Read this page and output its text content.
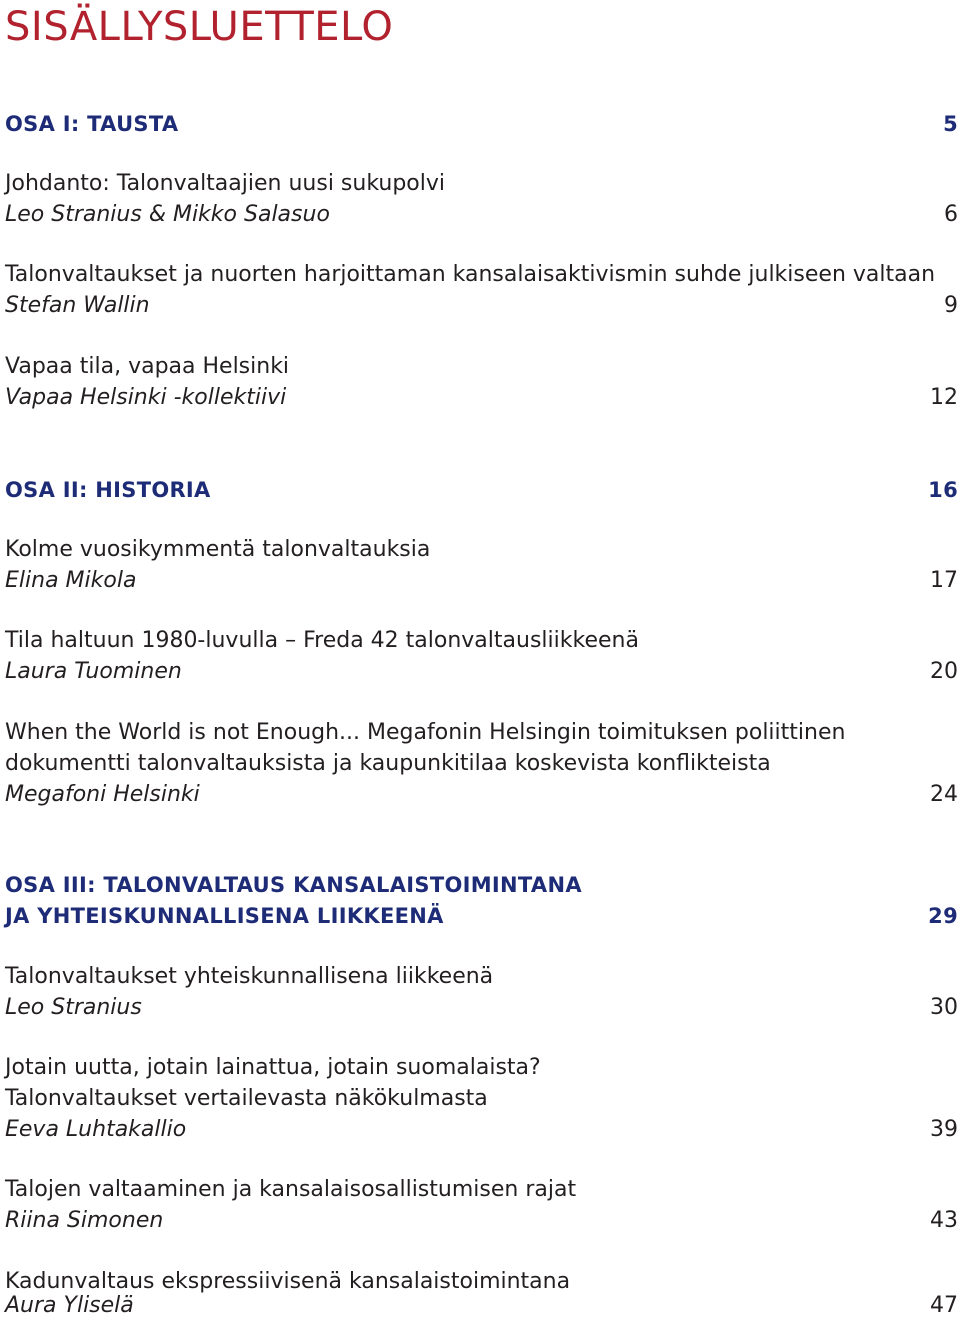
SISÄLLYSLUETTELO
OSA I: TAUSTA	5
Johdanto: Talonvaltaajien uusi sukupolvi
Leo Stranius & Mikko Salasuo	6
Talonvaltaukset ja nuorten harjoittaman kansalaisaktivismin suhde julkiseen valtaan
Stefan Wallin	9
Vapaa tila, vapaa Helsinki
Vapaa Helsinki -kollektiivi	12
OSA II: HISTORIA	16
Kolme vuosikymmentä talonvaltauksia
Elina Mikola	17
Tila haltuun 1980-luvulla – Freda 42 talonvaltausliikkeenä
Laura Tuominen	20
When the World is not Enough... Megafonin Helsingin toimituksen poliittinen
dokumentti talonvaltauksista ja kaupunkitilaa koskevista konflikteista
Megafoni Helsinki	24
OSA III: TALONVALTAUS KANSALAISTOIMINTANA
JA YHTEISKUNNALLISENA LIIKKEENÄ	29
Talonvaltaukset yhteiskunnallisena liikkeenä
Leo Stranius	30
Jotain uutta, jotain lainattua, jotain suomalaista?
Talonvaltaukset vertailevasta näkökulmasta
Eeva Luhtakallio	39
Talojen valtaaminen ja kansalaisosallistumisen rajat
Riina Simonen	43
Kadunvaltaus ekspressiivisenä kansalaistoimintana
Aura Yliselä	47
